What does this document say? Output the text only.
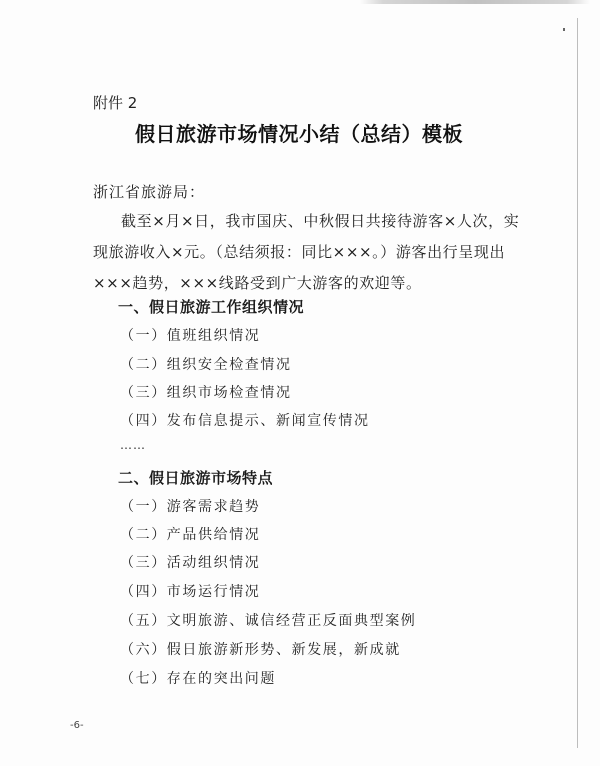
附件 2
假日旅游市场情况小结（总结）模板
浙江省旅游局：
截至×月×日，我市国庆、中秋假日共接待游客×人次，实
现旅游收入×元。（总结须报：同比×××。）游客出行呈现出
×××趋势，×××线路受到广大游客的欢迎等。
一、假日旅游工作组织情况
（一）值班组织情况
（二）组织安全检查情况
（三）组织市场检查情况
（四）发布信息提示、新闻宣传情况
……
二、假日旅游市场特点
（一）游客需求趋势
（二）产品供给情况
（三）活动组织情况
（四）市场运行情况
（五）文明旅游、诚信经营正反面典型案例
（六）假日旅游新形势、新发展，新成就
（七）存在的突出问题
-6-
